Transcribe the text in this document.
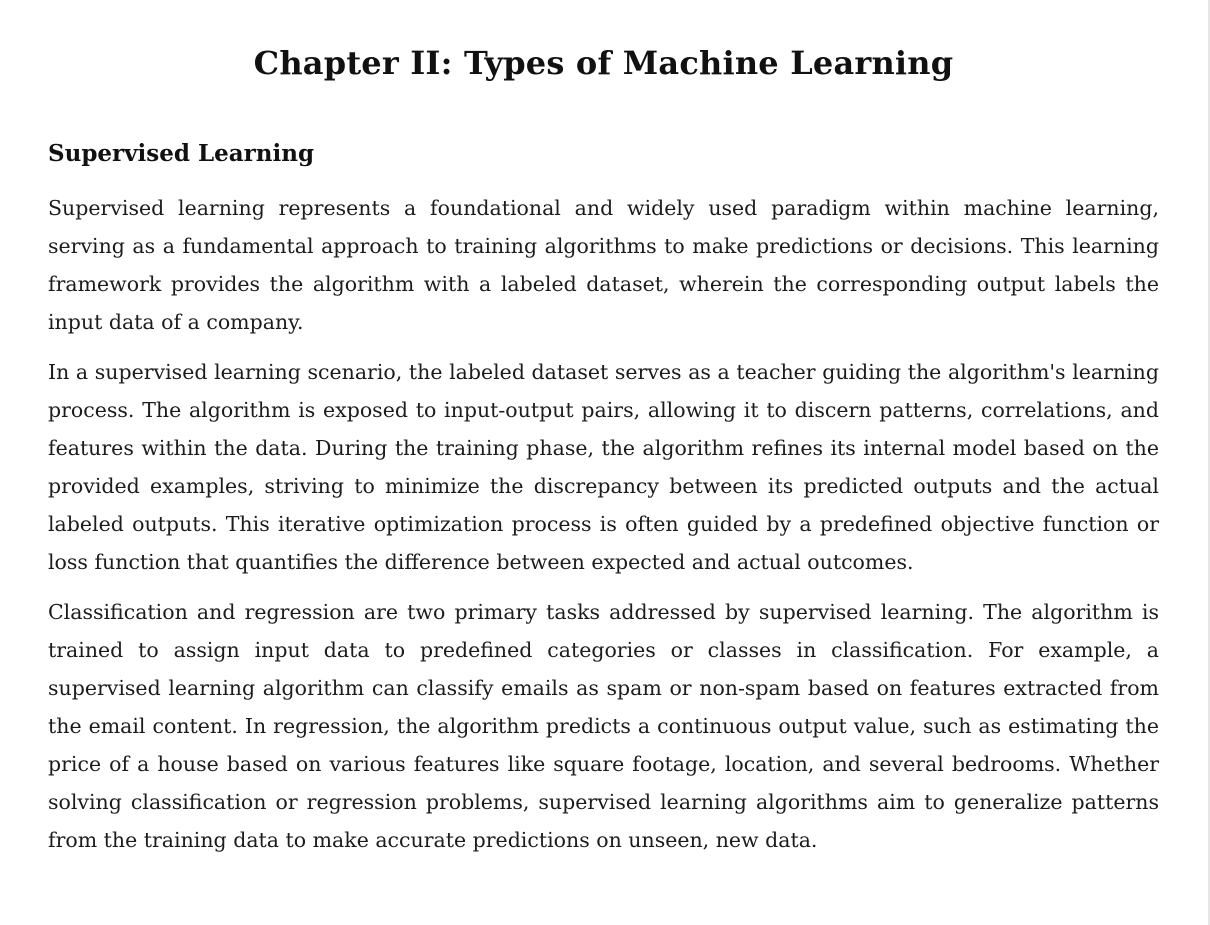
Chapter II: Types of Machine Learning
Supervised Learning

Supervised learning represents a foundational and widely used paradigm within machine learning, serving as a fundamental approach to training algorithms to make predictions or decisions. This learning framework provides the algorithm with a labeled dataset, wherein the corresponding output labels the input data of a company.

In a supervised learning scenario, the labeled dataset serves as a teacher guiding the algorithm's learning process. The algorithm is exposed to input-output pairs, allowing it to discern patterns, correlations, and features within the data. During the training phase, the algorithm refines its internal model based on the provided examples, striving to minimize the discrepancy between its predicted outputs and the actual labeled outputs. This iterative optimization process is often guided by a predefined objective function or loss function that quantifies the difference between expected and actual outcomes.

Classification and regression are two primary tasks addressed by supervised learning. The algorithm is trained to assign input data to predefined categories or classes in classification. For example, a supervised learning algorithm can classify emails as spam or non-spam based on features extracted from the email content. In regression, the algorithm predicts a continuous output value, such as estimating the price of a house based on various features like square footage, location, and several bedrooms. Whether solving classification or regression problems, supervised learning algorithms aim to generalize patterns from the training data to make accurate predictions on unseen, new data.
